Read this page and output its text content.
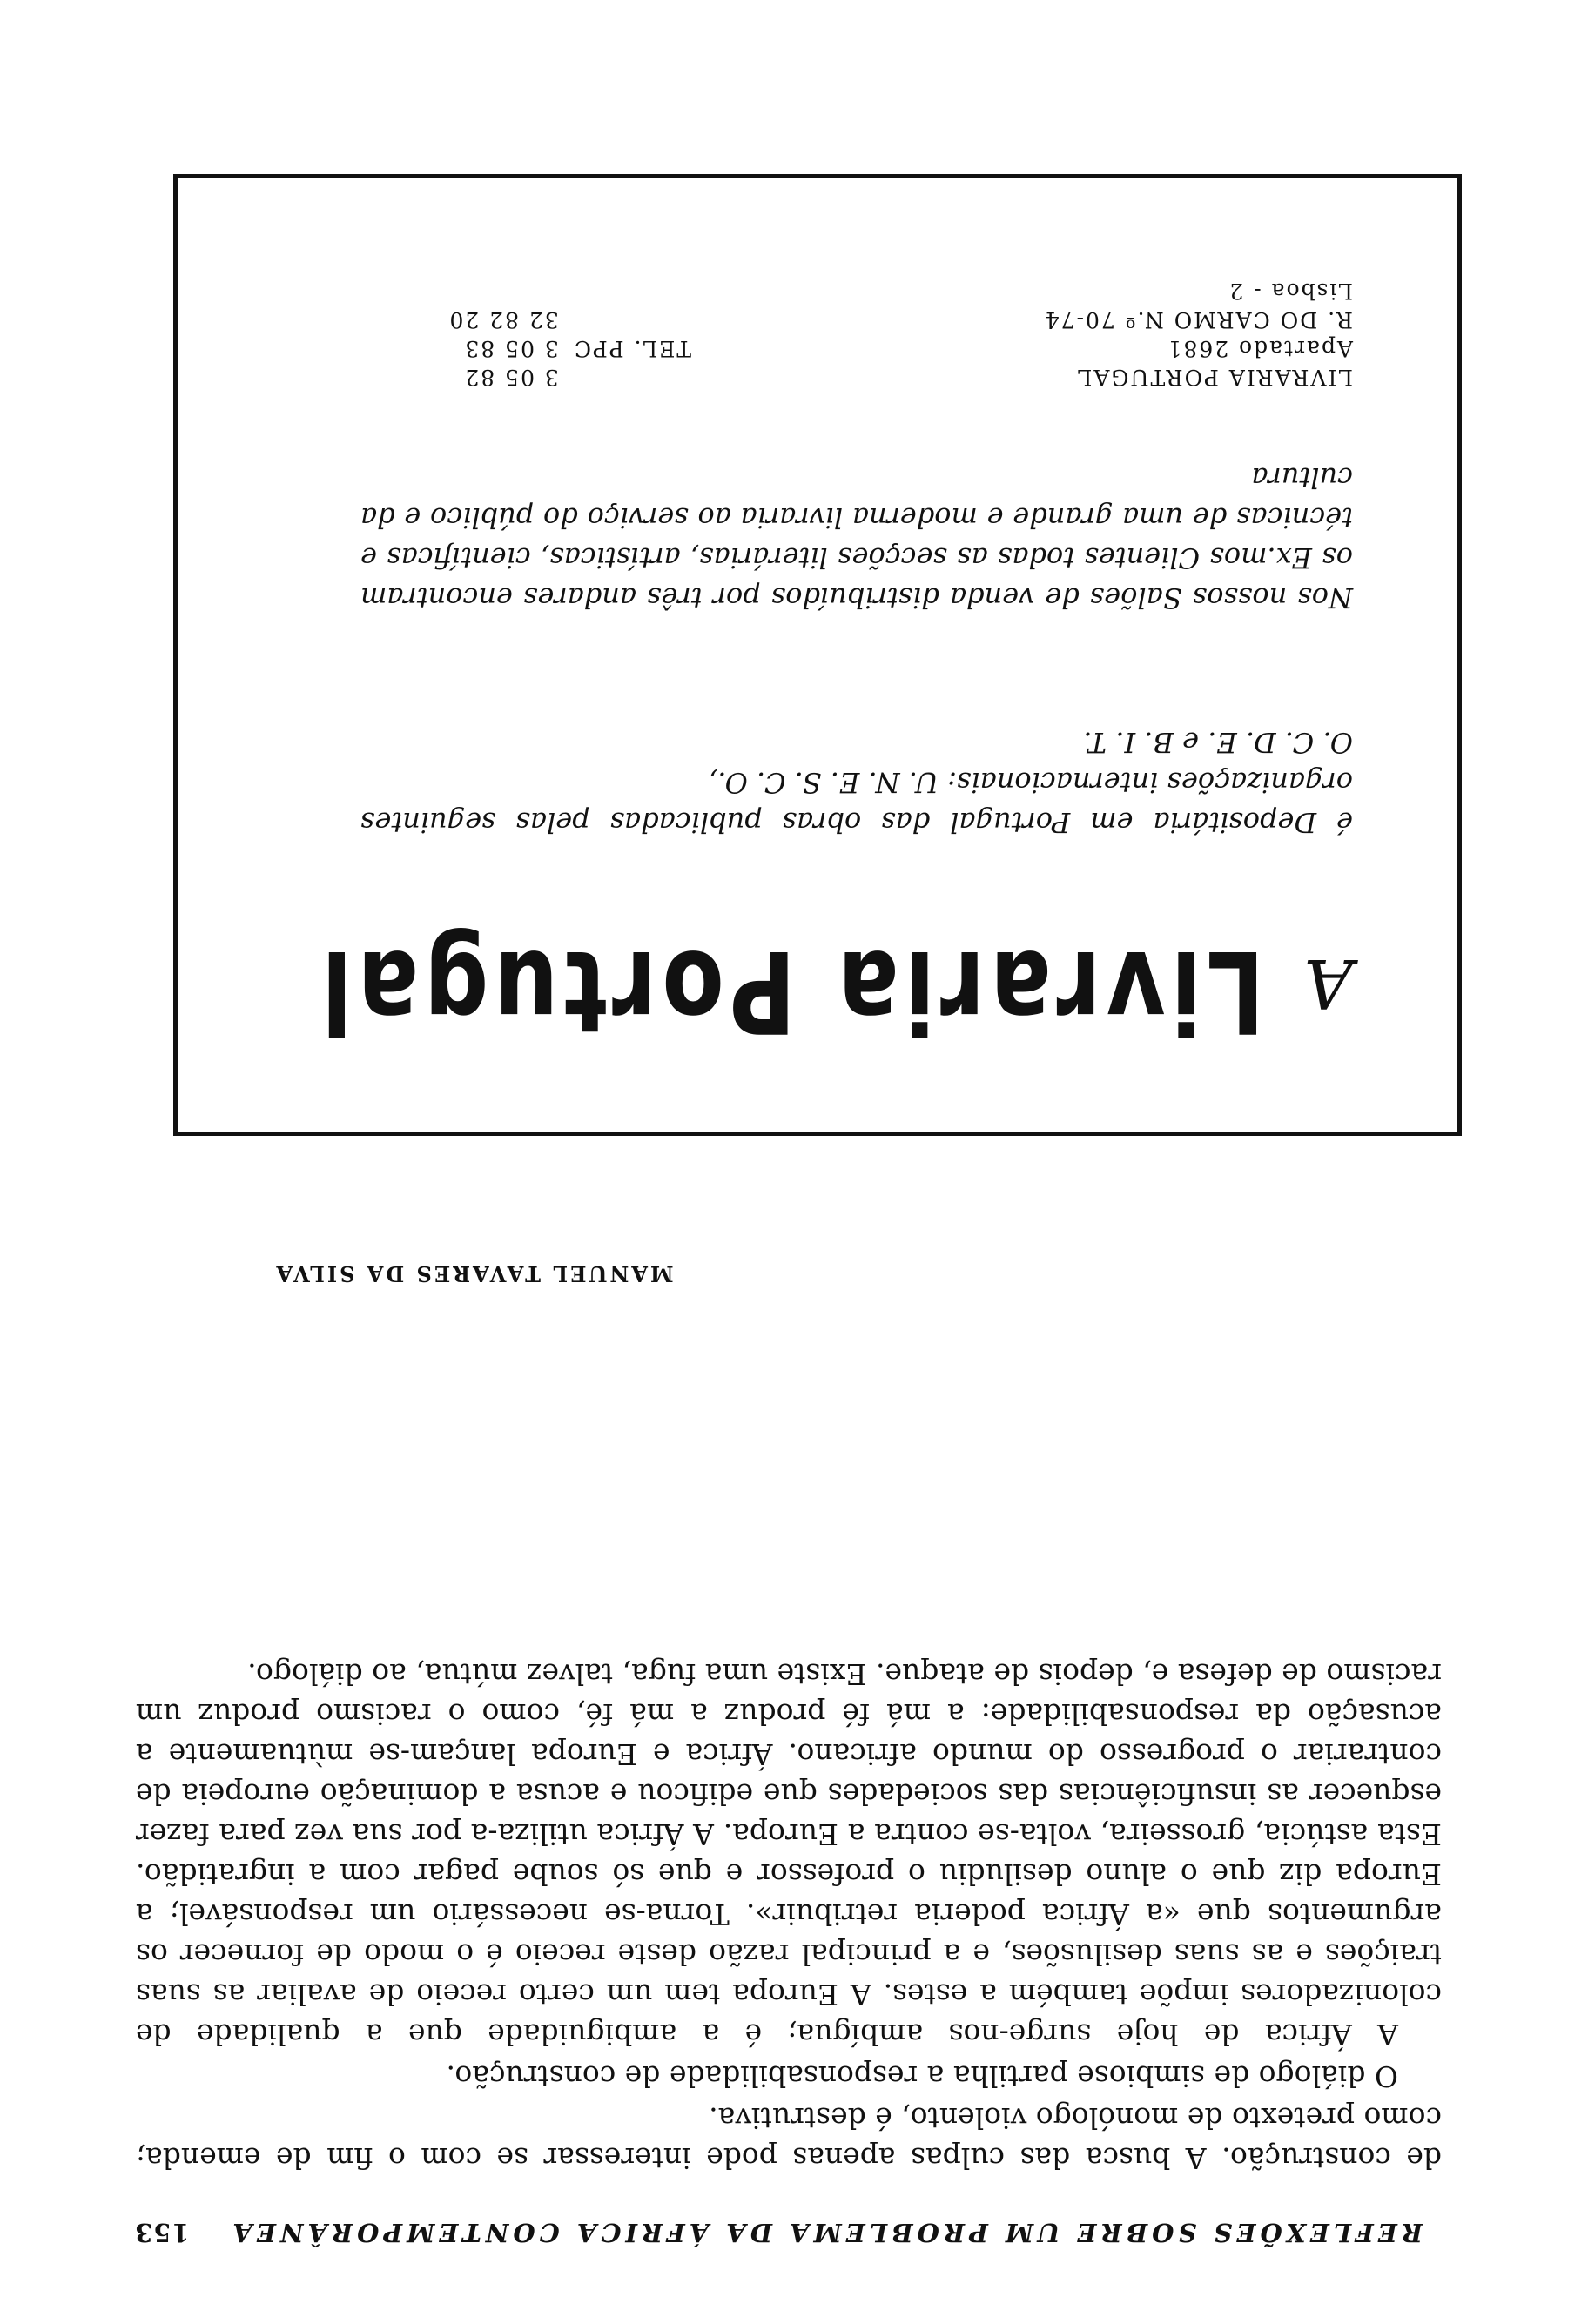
REFLEXÕES SOBRE UM PROBLEMA DA ÁFRICA CONTEMPORÂNEA
153

de construção. A busca das culpas apenas pode interessar se com o fim de emenda; como pretexto de monólogo violento, é destrutiva.

O diálogo de simbiose partilha a responsabilidade de construção.

A África de hoje surge-nos ambígua; é a ambiguidade que a qualidade de colonizadores impõe também a estes. A Europa tem um certo receio de avaliar as suas traições e as suas desilusões, e a principal razão deste receio é o modo de fornecer os argumentos que «a África poderia retribuir». Torna-se necessário um responsável; a Europa diz que o aluno desiludiu o professor e que só soube pagar com a ingratidão. Esta astúcia, grosseira, volta-se contra a Europa. A África utiliza-a por sua vez para fazer esquecer as insuficiências das sociedades que edificou e acusa a dominação europeia de contrariar o progresso do mundo africano. África e Europa lançam-se mùtuamente a acusação da responsabilidade: a má fé produz a má fé, como o racismo produz um racismo de defesa e, depois de ataque. Existe uma fuga, talvez mútua, ao diálogo.

MANUEL TAVARES DA SILVA
A Livraria Portugal
é Depositária em Portugal das obras publicadas pelas seguintes organizações internacionais: U. N. E. S. C. O.,
O. C. D. E. e B. I. T.
Nos nossos Salões de venda distribuídos por três andares encontram os Ex.mos Clientes todas as secções literárias, artísticas, científicas e técnicas de uma grande e moderna livraria ao serviço do público e da cultura
LIVRARIA PORTUGAL
Apartado 2681
R. DO CARMO N.º 70-74
Lisboa - 2
3 05 82
TEL. PPC3 05 83
32 82 20
